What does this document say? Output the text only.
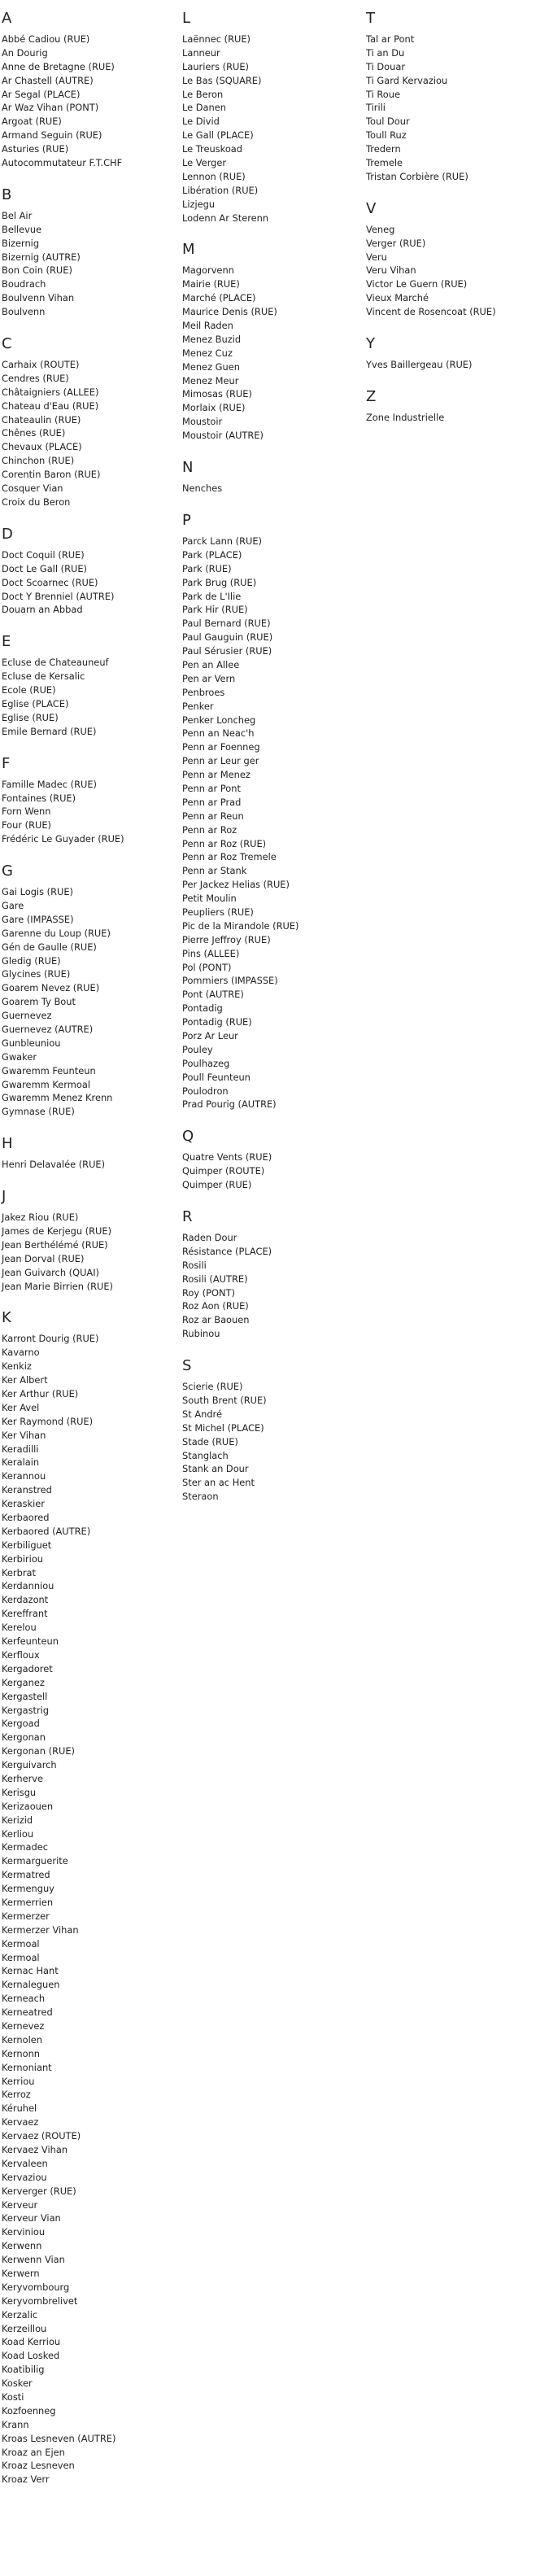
A
Abbé Cadiou (RUE)
An Dourig
Anne de Bretagne (RUE)
Ar Chastell (AUTRE)
Ar Segal (PLACE)
Ar Waz Vihan (PONT)
Argoat (RUE)
Armand Seguin (RUE)
Asturies (RUE)
Autocommutateur F.T.CHF
B
Bel Air
Bellevue
Bizernig
Bizernig (AUTRE)
Bon Coin (RUE)
Boudrach
Boulvenn Vihan
Boulvenn
C
Carhaix (ROUTE)
Cendres (RUE)
Châtaigniers (ALLEE)
Chateau d'Eau (RUE)
Chateaulin (RUE)
Chênes (RUE)
Chevaux (PLACE)
Chinchon (RUE)
Corentin Baron (RUE)
Cosquer Vian
Croix du Beron
D
Doct Coquil (RUE)
Doct Le Gall (RUE)
Doct Scoarnec (RUE)
Doct Y Brenniel (AUTRE)
Douarn an Abbad
E
Ecluse de Chateauneuf
Ecluse de Kersalic
Ecole (RUE)
Eglise (PLACE)
Eglise (RUE)
Emile Bernard (RUE)
F
Famille Madec (RUE)
Fontaines (RUE)
Forn Wenn
Four (RUE)
Frédéric Le Guyader (RUE)
G
Gai Logis (RUE)
Gare
Gare (IMPASSE)
Garenne du Loup (RUE)
Gén de Gaulle (RUE)
Gledig (RUE)
Glycines (RUE)
Goarem Nevez (RUE)
Goarem Ty Bout
Guernevez
Guernevez (AUTRE)
Gunbleuniou
Gwaker
Gwaremm Feunteun
Gwaremm Kermoal
Gwaremm Menez Krenn
Gymnase (RUE)
H
Henri Delavalée (RUE)
J
Jakez Riou (RUE)
James de Kerjegu (RUE)
Jean Berthélémé (RUE)
Jean Dorval (RUE)
Jean Guivarch (QUAI)
Jean Marie Birrien (RUE)
K
Karront Dourig (RUE)
Kavarno
Kenkiz
Ker Albert
Ker Arthur (RUE)
Ker Avel
Ker Raymond (RUE)
Ker Vihan
Keradilli
Keralain
Kerannou
Keranstred
Keraskier
Kerbaored
Kerbaored (AUTRE)
Kerbiliguet
Kerbiriou
Kerbrat
Kerdanniou
Kerdazont
Kereffrant
Kerelou
Kerfeunteun
Kerfloux
Kergadoret
Kerganez
Kergastell
Kergastrig
Kergoad
Kergonan
Kergonan (RUE)
Kerguivarch
Kerherve
Kerisgu
Kerizaouen
Kerizid
Kerliou
Kermadec
Kermarguerite
Kermatred
Kermenguy
Kermerrien
Kermerzer
Kermerzer Vihan
Kermoal
Kermoal
Kernac Hant
Kernaleguen
Kerneach
Kerneatred
Kernevez
Kernolen
Kernonn
Kernoniant
Kerriou
Kerroz
Kéruhel
Kervaez
Kervaez (ROUTE)
Kervaez Vihan
Kervaleen
Kervaziou
Kerverger (RUE)
Kerveur
Kerveur Vian
Kerviniou
Kerwenn
Kerwenn Vian
Kerwern
Keryvombourg
Keryvombrelivet
Kerzalic
Kerzeillou
Koad Kerriou
Koad Losked
Koatibilig
Kosker
Kosti
Kozfoenneg
Krann
Kroas Lesneven (AUTRE)
Kroaz an Ejen
Kroaz Lesneven
Kroaz Verr
L
Laënnec (RUE)
Lanneur
Lauriers (RUE)
Le Bas (SQUARE)
Le Beron
Le Danen
Le Divid
Le Gall (PLACE)
Le Treuskoad
Le Verger
Lennon (RUE)
Libération (RUE)
Lizjegu
Lodenn Ar Sterenn
M
Magorvenn
Mairie (RUE)
Marché (PLACE)
Maurice Denis (RUE)
Meil Raden
Menez Buzid
Menez Cuz
Menez Guen
Menez Meur
Mimosas (RUE)
Morlaix (RUE)
Moustoir
Moustoir (AUTRE)
N
Nenches
P
Parck Lann (RUE)
Park (PLACE)
Park (RUE)
Park Brug (RUE)
Park de L'Ilie
Park Hir (RUE)
Paul Bernard (RUE)
Paul Gauguin (RUE)
Paul Sérusier (RUE)
Pen an Allee
Pen ar Vern
Penbroes
Penker
Penker Loncheg
Penn an Neac'h
Penn ar Foenneg
Penn ar Leur ger
Penn ar Menez
Penn ar Pont
Penn ar Prad
Penn ar Reun
Penn ar Roz
Penn ar Roz (RUE)
Penn ar Roz Tremele
Penn ar Stank
Per Jackez Helias (RUE)
Petit Moulin
Peupliers (RUE)
Pic de la Mirandole (RUE)
Pierre Jeffroy (RUE)
Pins (ALLEE)
Pol (PONT)
Pommiers (IMPASSE)
Pont (AUTRE)
Pontadig
Pontadig (RUE)
Porz Ar Leur
Pouley
Poulhazeg
Poull Feunteun
Poulodron
Prad Pourig (AUTRE)
Q
Quatre Vents (RUE)
Quimper (ROUTE)
Quimper (RUE)
R
Raden Dour
Résistance (PLACE)
Rosili
Rosili (AUTRE)
Roy (PONT)
Roz Aon (RUE)
Roz ar Baouen
Rubinou
S
Scierie (RUE)
South Brent (RUE)
St André
St Michel (PLACE)
Stade (RUE)
Stanglach
Stank an Dour
Ster an ac Hent
Steraon
T
Tal ar Pont
Ti an Du
Ti Douar
Ti Gard Kervaziou
Ti Roue
Tirili
Toul Dour
Toull Ruz
Tredern
Tremele
Tristan Corbière (RUE)
V
Veneg
Verger (RUE)
Veru
Veru Vihan
Victor Le Guern (RUE)
Vieux Marché
Vincent de Rosencoat (RUE)
Y
Yves Baillergeau (RUE)
Z
Zone Industrielle
